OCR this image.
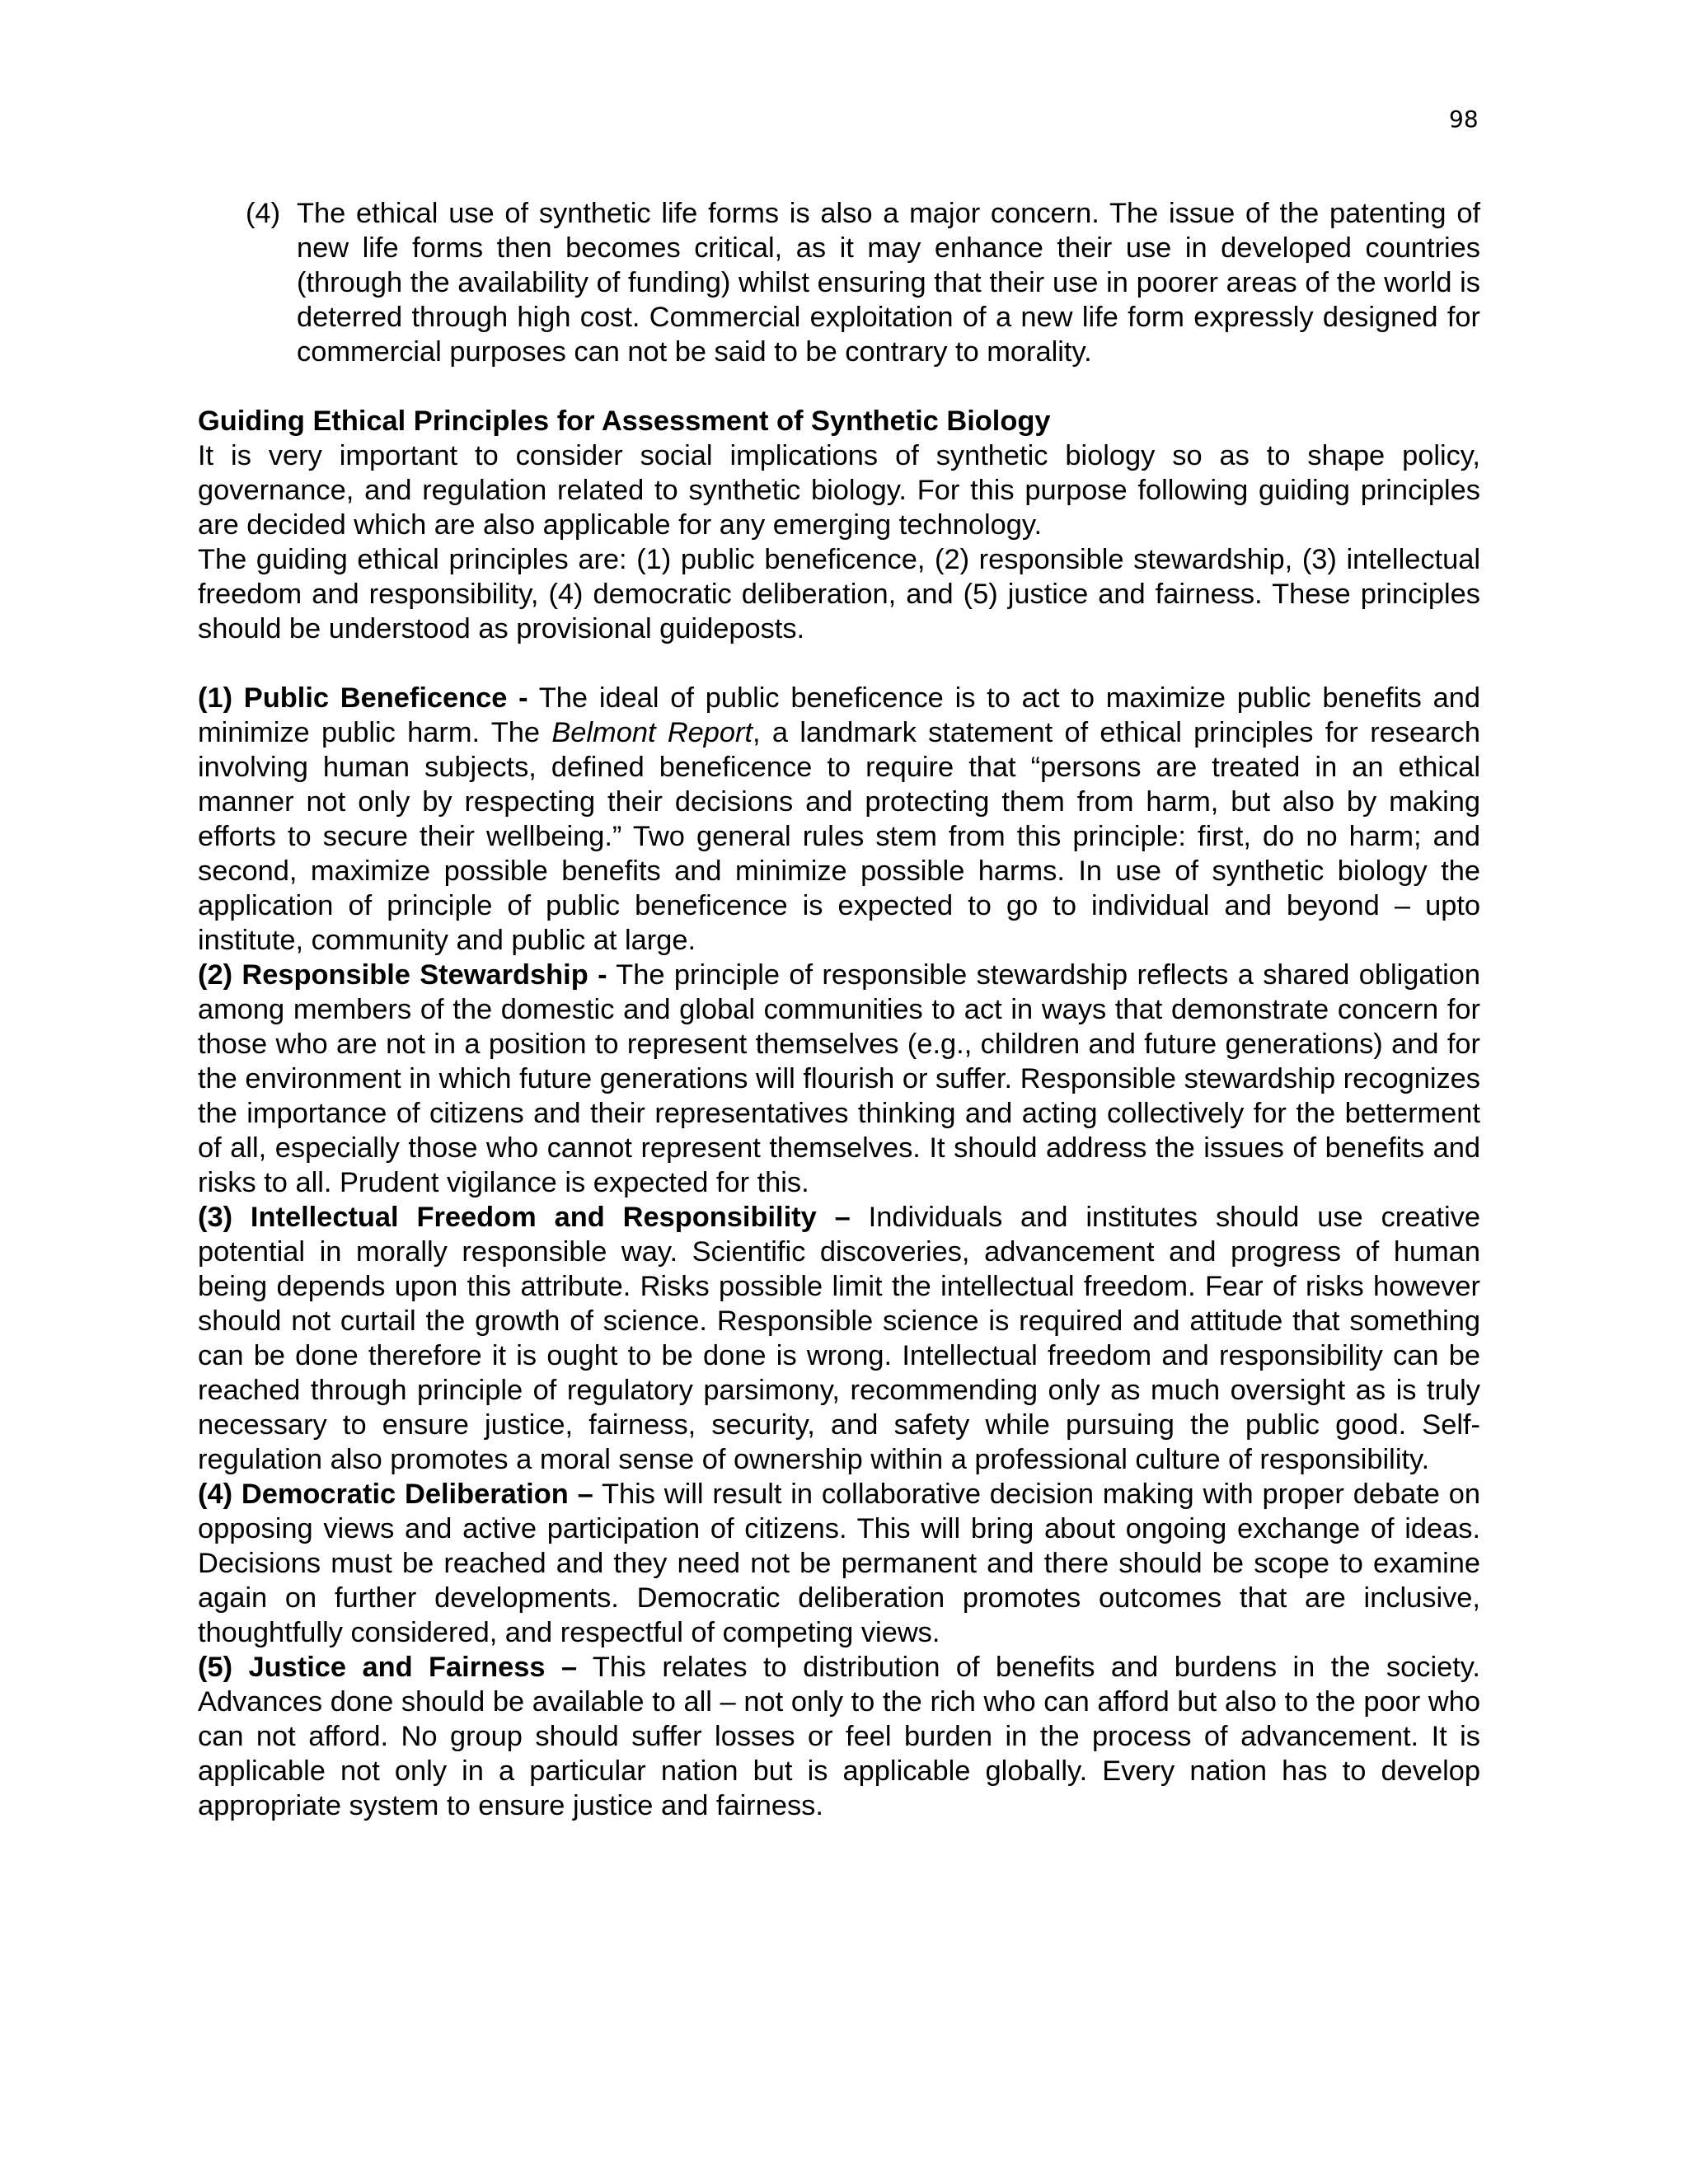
98
(4) The ethical use of synthetic life forms is also a major concern. The issue of the patenting of new life forms then becomes critical, as it may enhance their use in developed countries (through the availability of funding) whilst ensuring that their use in poorer areas of the world is deterred through high cost. Commercial exploitation of a new life form expressly designed for commercial purposes can not be said to be contrary to morality.

Guiding Ethical Principles for Assessment of Synthetic Biology

It is very important to consider social implications of synthetic biology so as to shape policy, governance, and regulation related to synthetic biology. For this purpose following guiding principles are decided which are also applicable for any emerging technology.

The guiding ethical principles are: (1) public beneficence, (2) responsible stewardship, (3) intellectual freedom and responsibility, (4) democratic deliberation, and (5) justice and fairness. These principles should be understood as provisional guideposts.

(1) Public Beneficence - The ideal of public beneficence is to act to maximize public benefits and minimize public harm. The Belmont Report, a landmark statement of ethical principles for research involving human subjects, defined beneficence to require that “persons are treated in an ethical manner not only by respecting their decisions and protecting them from harm, but also by making efforts to secure their wellbeing.” Two general rules stem from this principle: first, do no harm; and second, maximize possible benefits and minimize possible harms. In use of synthetic biology the application of principle of public beneficence is expected to go to individual and beyond – upto institute, community and public at large.

(2) Responsible Stewardship - The principle of responsible stewardship reflects a shared obligation among members of the domestic and global communities to act in ways that demonstrate concern for those who are not in a position to represent themselves (e.g., children and future generations) and for the environment in which future generations will flourish or suffer. Responsible stewardship recognizes the importance of citizens and their representatives thinking and acting collectively for the betterment of all, especially those who cannot represent themselves. It should address the issues of benefits and risks to all. Prudent vigilance is expected for this.

(3) Intellectual Freedom and Responsibility – Individuals and institutes should use creative potential in morally responsible way. Scientific discoveries, advancement and progress of human being depends upon this attribute. Risks possible limit the intellectual freedom. Fear of risks however should not curtail the growth of science. Responsible science is required and attitude that something can be done therefore it is ought to be done is wrong. Intellectual freedom and responsibility can be reached through principle of regulatory parsimony, recommending only as much oversight as is truly necessary to ensure justice, fairness, security, and safety while pursuing the public good. Self-regulation also promotes a moral sense of ownership within a professional culture of responsibility.

(4) Democratic Deliberation – This will result in collaborative decision making with proper debate on opposing views and active participation of citizens. This will bring about ongoing exchange of ideas. Decisions must be reached and they need not be permanent and there should be scope to examine again on further developments. Democratic deliberation promotes outcomes that are inclusive, thoughtfully considered, and respectful of competing views.

(5) Justice and Fairness – This relates to distribution of benefits and burdens in the society. Advances done should be available to all – not only to the rich who can afford but also to the poor who can not afford. No group should suffer losses or feel burden in the process of advancement. It is applicable not only in a particular nation but is applicable globally. Every nation has to develop appropriate system to ensure justice and fairness.
